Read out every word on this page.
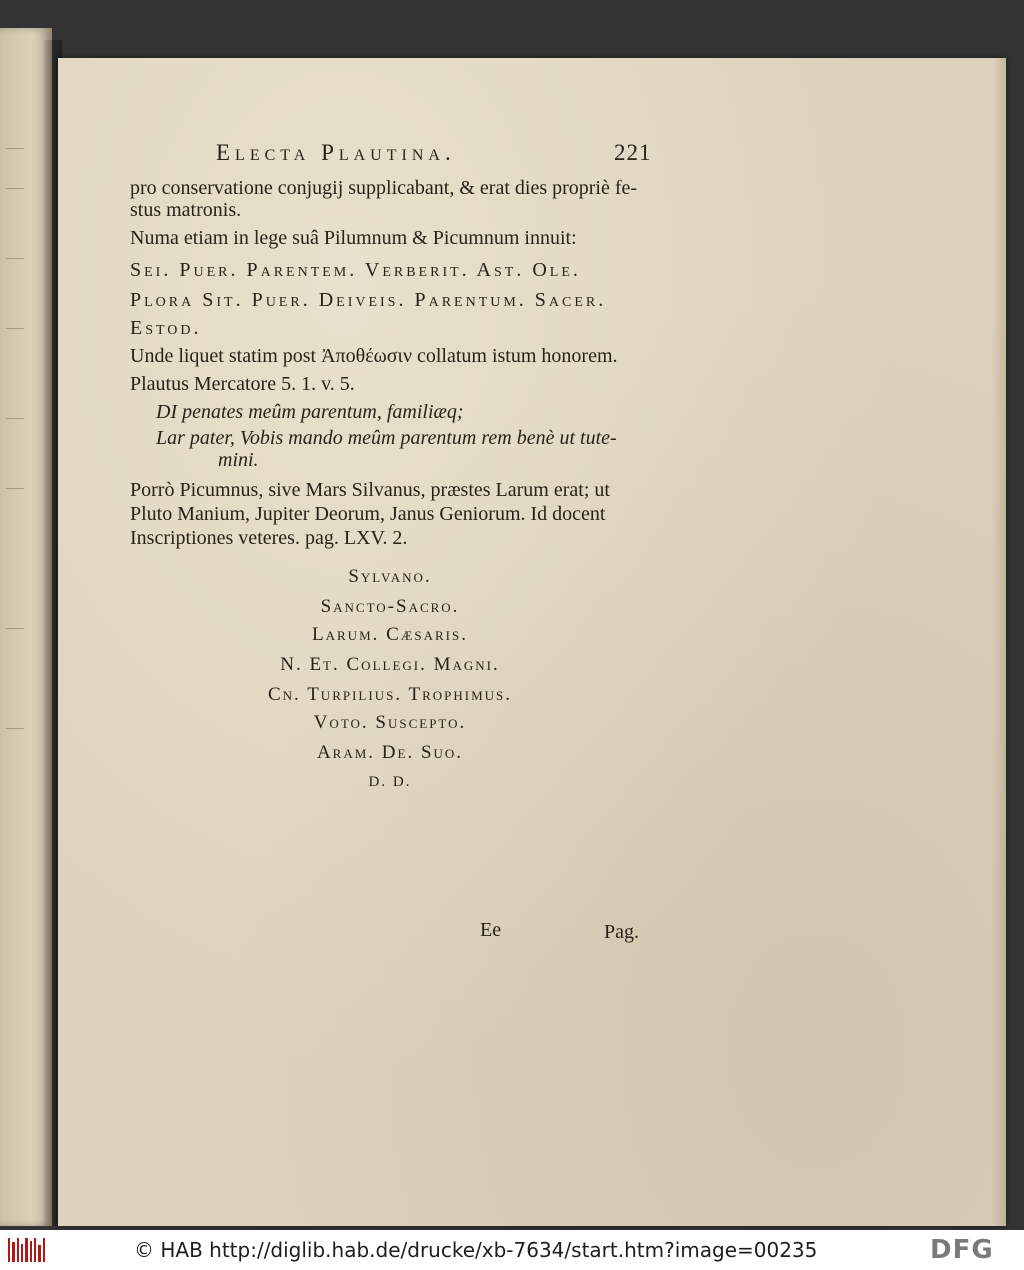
Electa Plautina.	221
pro conservatione conjugij supplicabant, & erat dies propriè fe-
stus matronis.
Numa etiam in lege suâ Pilumnum & Picumnum innuit:
Sei. Puer. Parentem. Verberit. Ast. Ole.
Plora Sit. Puer. Deiveis. Parentum. Sacer.
Estod.
Unde liquet statim post Ἀποθέωσιν collatum istum honorem.
Plautus Mercatore 5. 1. v. 5.
DI penates meûm parentum, familiæq;
Lar pater, Vobis mando meûm parentum rem benè ut tute-
mini.
Porrò Picumnus, sive Mars Silvanus, præstes Larum erat; ut
Pluto Manium, Jupiter Deorum, Janus Geniorum. Id docent
Inscriptiones veteres. pag. LXV. 2.
Sylvano.
Sancto-Sacro.
Larum. Cæsaris.
N. Et. Collegi. Magni.
Cn. Turpilius. Trophimus.
Voto. Suscepto.
Aram. De. Suo.
D. D.
Ee	Pag.
© HAB http://diglib.hab.de/drucke/xb-7634/start.htm?image=00235	DFG
